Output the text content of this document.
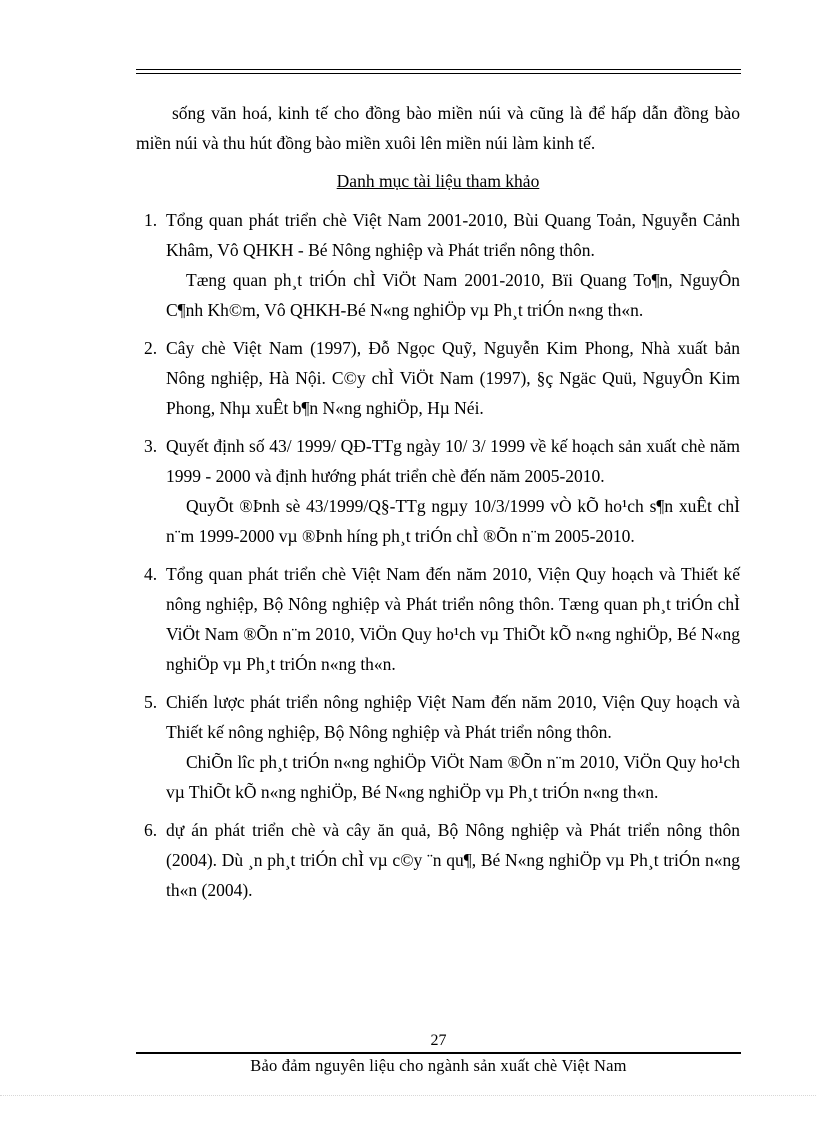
sống văn hoá, kinh tế cho đồng bào miền núi và cũng là để hấp dẫn đồng bào miền núi và thu hút đồng bào miền xuôi lên miền núi làm kinh tế.

Danh mục tài liệu tham khảo
1. Tổng quan phát triển chè Việt Nam 2001-2010, Bùi Quang Toản, Nguyễn Cảnh Khâm, Vô QHKH - Bé Nông nghiệp và Phát triển nông thôn.
Tæng quan ph¸t triÓn chÌ ViÖt Nam 2001-2010, Bïi Quang To¶n, NguyÔn C¶nh Kh©m, Vô QHKH-Bé N«ng nghiÖp vµ Ph¸t triÓn n«ng th«n.
2. Cây chè Việt Nam (1997), Đỗ Ngọc Quỹ, Nguyễn Kim Phong, Nhà xuất bản Nông nghiệp, Hà Nội. C©y chÌ ViÖt Nam (1997), §ç Ngäc Quü, NguyÔn Kim Phong, Nhµ xuÊt b¶n N«ng nghiÖp, Hµ Néi.
3. Quyết định số 43/ 1999/ QĐ-TTg ngày 10/ 3/ 1999 về kế hoạch sản xuất chè năm 1999 - 2000 và định hướng phát triển chè đến năm 2005-2010.
QuyÕt ®Þnh sè 43/1999/Q§-TTg ngµy 10/3/1999 vÒ kÕ ho¹ch s¶n xuÊt chÌ n¨m 1999-2000 vµ ®Þnh híng ph¸t triÓn chÌ ®Õn n¨m 2005-2010.
4. Tổng quan phát triển chè Việt Nam đến năm 2010, Viện Quy hoạch và Thiết kế nông nghiệp, Bộ Nông nghiệp và Phát triển nông thôn. Tæng quan ph¸t triÓn chÌ ViÖt Nam ®Õn n¨m 2010, ViÖn Quy ho¹ch vµ ThiÕt kÕ n«ng nghiÖp, Bé N«ng nghiÖp vµ Ph¸t triÓn n«ng th«n.
5. Chiến lược phát triển nông nghiệp Việt Nam đến năm 2010, Viện Quy hoạch và Thiết kế nông nghiệp, Bộ Nông nghiệp và Phát triển nông thôn.
ChiÕn lîc ph¸t triÓn n«ng nghiÖp ViÖt Nam ®Õn n¨m 2010, ViÖn Quy ho¹ch vµ ThiÕt kÕ n«ng nghiÖp, Bé N«ng nghiÖp vµ Ph¸t triÓn n«ng th«n.
6. dự án phát triển chè và cây ăn quả, Bộ Nông nghiệp và Phát triển nông thôn (2004). Dù ¸n ph¸t triÓn chÌ vµ c©y ¨n qu¶, Bé N«ng nghiÖp vµ Ph¸t triÓn n«ng th«n (2004).
27
Bảo đảm nguyên liệu cho ngành sản xuất chè Việt Nam
